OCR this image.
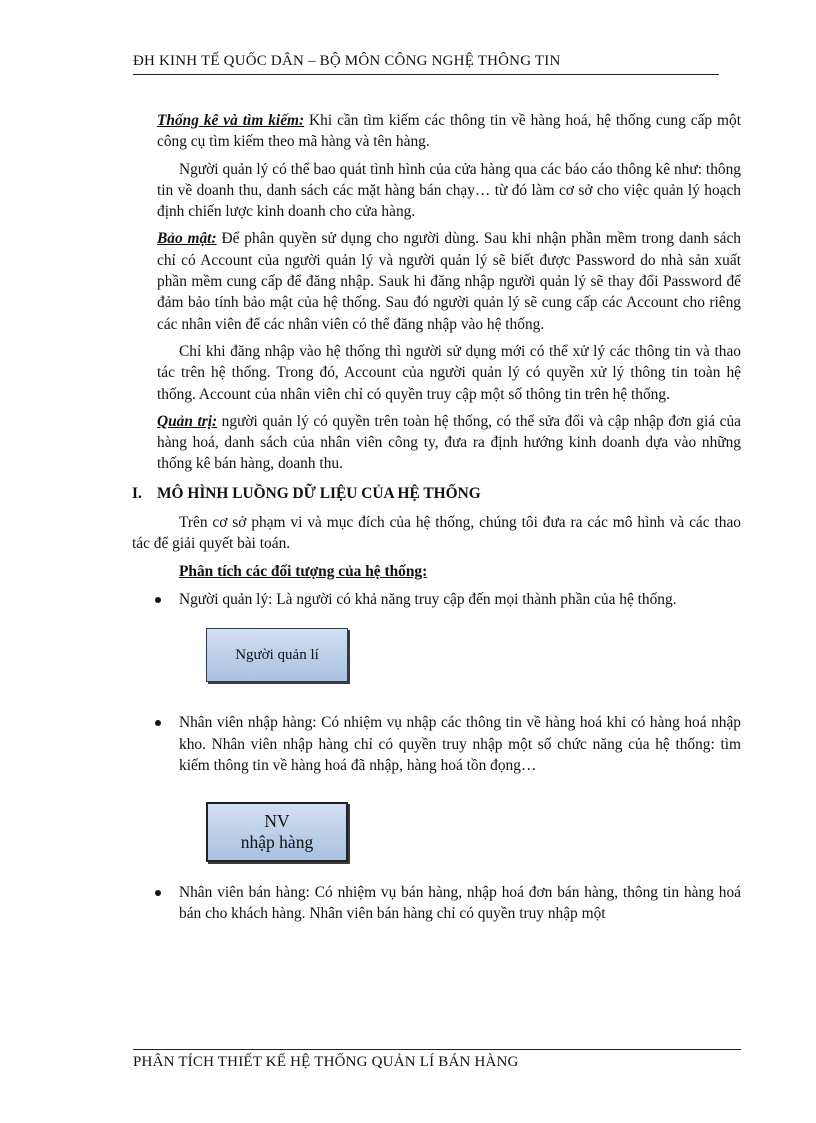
ĐH KINH TẾ QUỐC DÂN – BỘ MÔN CÔNG NGHỆ THÔNG TIN

Thống kê và tìm kiếm: Khi cần tìm kiếm các thông tin về hàng hoá, hệ thống cung cấp một công cụ tìm kiếm theo mã hàng và tên hàng.

Người quản lý có thể bao quát tình hình của cửa hàng qua các báo cáo thông kê như: thông tin về doanh thu, danh sách các mặt hàng bán chạy… từ đó làm cơ sở cho việc quản lý hoạch định chiến lược kinh doanh cho cửa hàng.

Bảo mật: Để phân quyền sử dụng cho người dùng. Sau khi nhận phần mềm trong danh sách chỉ có Account của người quản lý và người quản lý sẽ biết được Password do nhà sản xuất phần mềm cung cấp để đăng nhập. Sauk hi đăng nhập người quản lý sẽ thay đổi Password để đảm bảo tính bảo mật của hệ thống. Sau đó người quản lý sẽ cung cấp các Account cho riêng các nhân viên để các nhân viên có thể đăng nhập vào hệ thống.

Chỉ khi đăng nhập vào hệ thống thì người sử dụng mới có thể xử lý các thông tin và thao tác trên hệ thống. Trong đó, Account của người quản lý có quyền xử lý thông tin toàn hệ thống. Account của nhân viên chỉ có quyền truy cập một số thông tin trên hệ thống.

Quản trị: người quản lý có quyền trên toàn hệ thống, có thể sửa đổi và cập nhập đơn giá của hàng hoá, danh sách của nhân viên công ty, đưa ra định hướng kinh doanh dựa vào những thống kê bán hàng, doanh thu.

I. MÔ HÌNH LUỒNG DỮ LIỆU CỦA HỆ THỐNG

Trên cơ sở phạm vi và mục đích của hệ thống, chúng tôi đưa ra các mô hình và các thao tác để giải quyết bài toán.

Phân tích các đối tượng của hệ thống:
Người quản lý: Là người có khả năng truy cập đến mọi thành phần của hệ thống.
Người quản lí
Nhân viên nhập hàng: Có nhiệm vụ nhập các thông tin về hàng hoá khi có hàng hoá nhập kho. Nhân viên nhập hàng chỉ có quyền truy nhập một số chức năng của hệ thống: tìm kiếm thông tin về hàng hoá đã nhập, hàng hoá tồn đọng…
NV
nhập hàng
Nhân viên bán hàng: Có nhiệm vụ bán hàng, nhập hoá đơn bán hàng, thông tin hàng hoá bán cho khách hàng. Nhân viên bán hàng chỉ có quyền truy nhập một
PHÂN TÍCH THIẾT KẾ HỆ THỐNG QUẢN LÍ BÁN HÀNG
